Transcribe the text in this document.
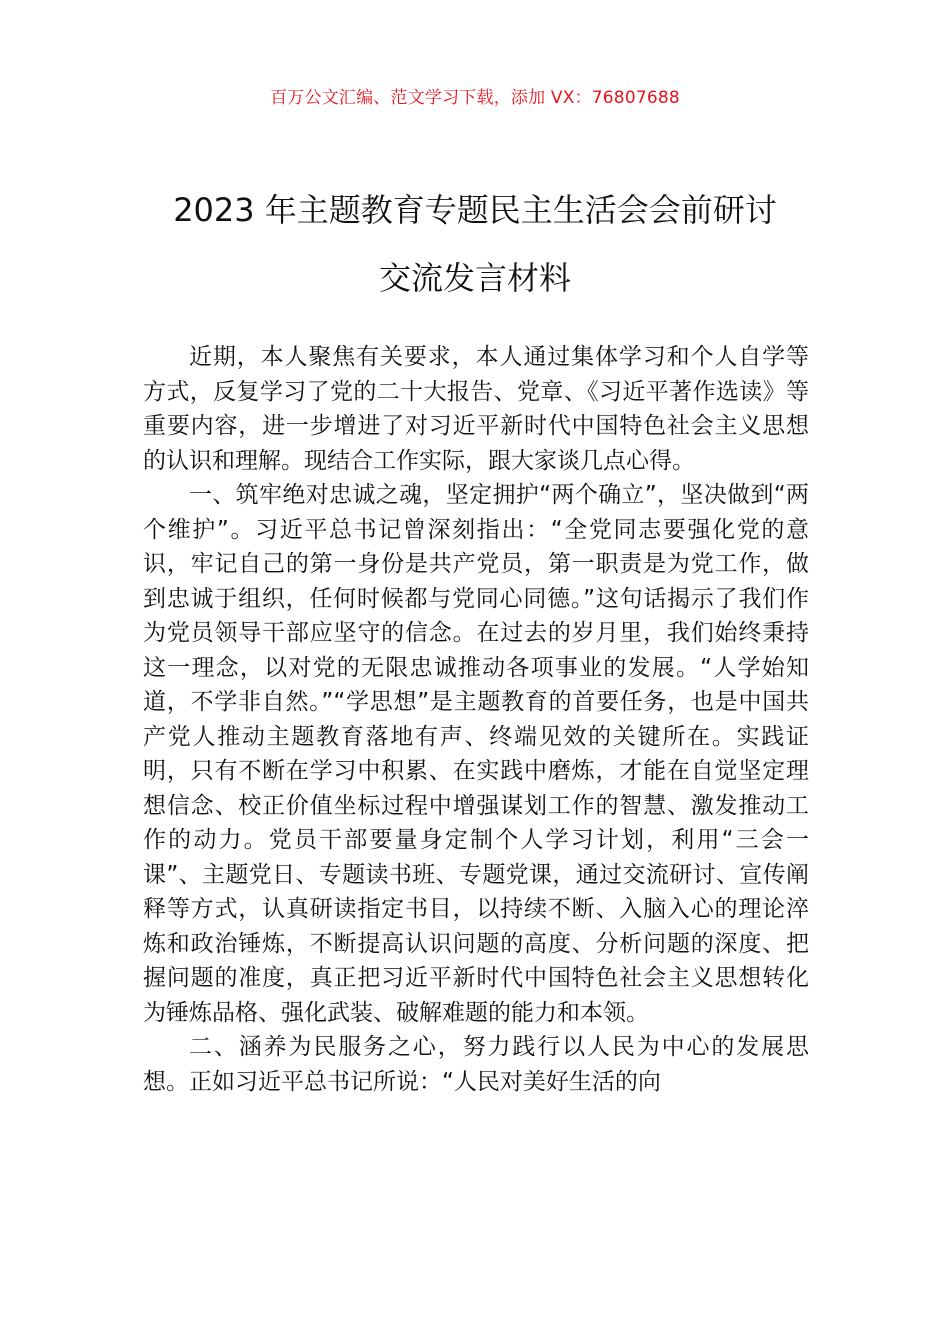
百万公文汇编、范文学习下载，添加 VX：76807688
2023 年主题教育专题民主生活会会前研讨
交流发言材料

近期，本人聚焦有关要求，本人通过集体学习和个人自学等方式，反复学习了党的二十大报告、党章、《习近平著作选读》等重要内容，进一步增进了对习近平新时代中国特色社会主义思想的认识和理解。现结合工作实际，跟大家谈几点心得。

一、筑牢绝对忠诚之魂，坚定拥护“两个确立”，坚决做到“两个维护”。习近平总书记曾深刻指出：“全党同志要强化党的意识，牢记自己的第一身份是共产党员，第一职责是为党工作，做到忠诚于组织，任何时候都与党同心同德。”这句话揭示了我们作为党员领导干部应坚守的信念。在过去的岁月里，我们始终秉持这一理念，以对党的无限忠诚推动各项事业的发展。“人学始知道，不学非自然。”“学思想”是主题教育的首要任务，也是中国共产党人推动主题教育落地有声、终端见效的关键所在。实践证明，只有不断在学习中积累、在实践中磨炼，才能在自觉坚定理想信念、校正价值坐标过程中增强谋划工作的智慧、激发推动工作的动力。党员干部要量身定制个人学习计划，利用“三会一课”、主题党日、专题读书班、专题党课，通过交流研讨、宣传阐释等方式，认真研读指定书目，以持续不断、入脑入心的理论淬炼和政治锤炼，不断提高认识问题的高度、分析问题的深度、把握问题的准度，真正把习近平新时代中国特色社会主义思想转化为锤炼品格、强化武装、破解难题的能力和本领。

二、涵养为民服务之心，努力践行以人民为中心的发展思想。正如习近平总书记所说：“人民对美好生活的向
